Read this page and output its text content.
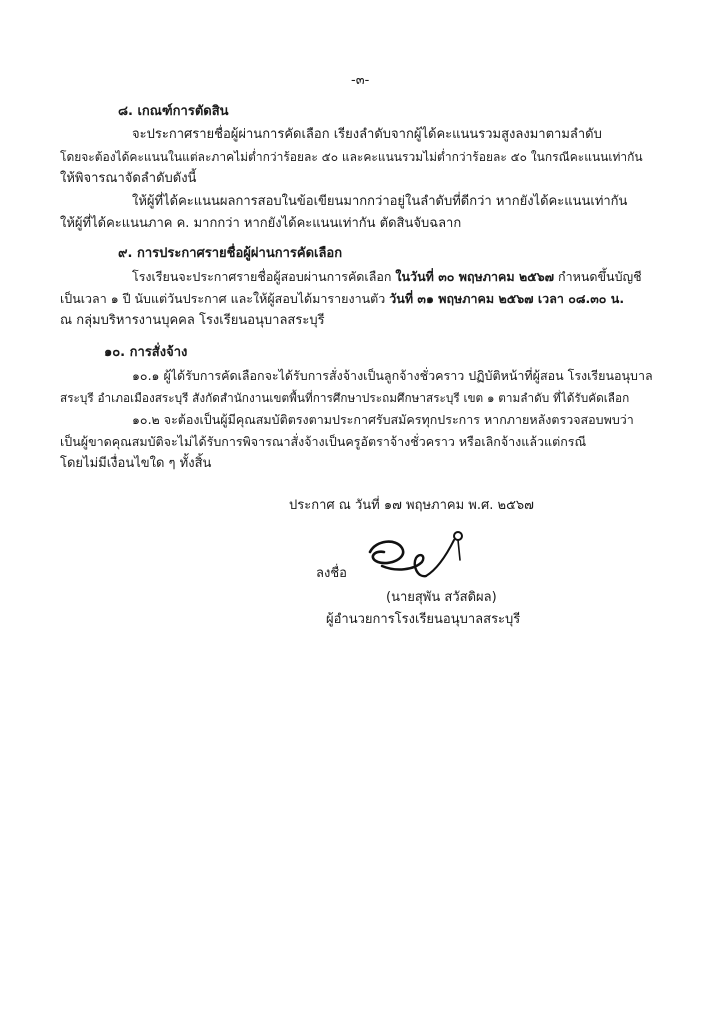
-๓-
๘. เกณฑ์การตัดสิน
จะประกาศรายชื่อผู้ผ่านการคัดเลือก เรียงลำดับจากผู้ได้คะแนนรวมสูงลงมาตามลำดับ
โดยจะต้องได้คะแนนในแต่ละภาคไม่ต่ำกว่าร้อยละ ๕๐ และคะแนนรวมไม่ต่ำกว่าร้อยละ ๕๐ ในกรณีคะแนนเท่ากัน
ให้พิจารณาจัดลำดับดังนี้
ให้ผู้ที่ได้คะแนนผลการสอบในข้อเขียนมากกว่าอยู่ในลำดับที่ดีกว่า หากยังได้คะแนนเท่ากัน
ให้ผู้ที่ได้คะแนนภาค ค. มากกว่า หากยังได้คะแนนเท่ากัน ตัดสินจับฉลาก
๙. การประกาศรายชื่อผู้ผ่านการคัดเลือก
โรงเรียนจะประกาศรายชื่อผู้สอบผ่านการคัดเลือก ในวันที่ ๓๐ พฤษภาคม ๒๕๖๗ กำหนดขึ้นบัญชี
เป็นเวลา ๑ ปี นับแต่วันประกาศ และให้ผู้สอบได้มารายงานตัว วันที่ ๓๑ พฤษภาคม ๒๕๖๗ เวลา ๐๘.๓๐ น.
ณ กลุ่มบริหารงานบุคคล โรงเรียนอนุบาลสระบุรี
๑๐. การสั่งจ้าง
๑๐.๑ ผู้ได้รับการคัดเลือกจะได้รับการสั่งจ้างเป็นลูกจ้างชั่วคราว ปฏิบัติหน้าที่ผู้สอน โรงเรียนอนุบาล
สระบุรี อำเภอเมืองสระบุรี สังกัดสำนักงานเขตพื้นที่การศึกษาประถมศึกษาสระบุรี เขต ๑ ตามลำดับ ที่ได้รับคัดเลือก
๑๐.๒ จะต้องเป็นผู้มีคุณสมบัติตรงตามประกาศรับสมัครทุกประการ หากภายหลังตรวจสอบพบว่า
เป็นผู้ขาดคุณสมบัติจะไม่ได้รับการพิจารณาสั่งจ้างเป็นครูอัตราจ้างชั่วคราว หรือเลิกจ้างแล้วแต่กรณี
โดยไม่มีเงื่อนไขใด ๆ ทั้งสิ้น
ประกาศ ณ วันที่ ๑๗ พฤษภาคม พ.ศ. ๒๕๖๗
ลงชื่อ
(นายสุพัน สวัสดิผล)
ผู้อำนวยการโรงเรียนอนุบาลสระบุรี
